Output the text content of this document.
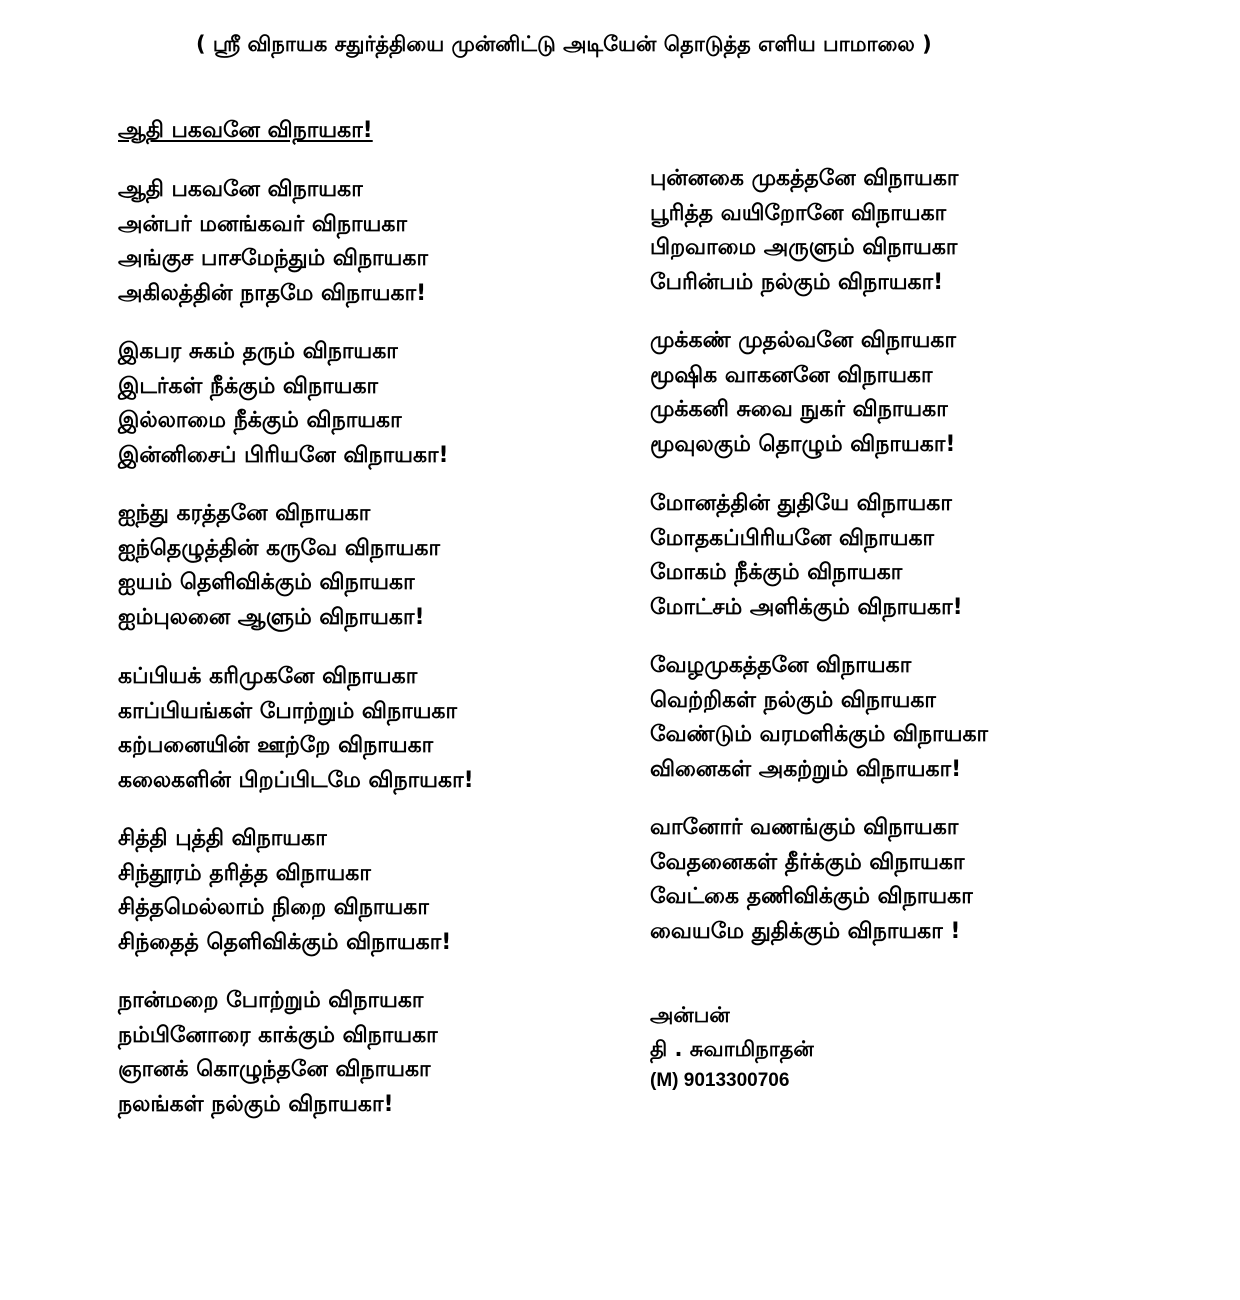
( ஸ்ரீ விநாயக சதுர்த்தியை முன்னிட்டு அடியேன் தொடுத்த எளிய பாமாலை )
ஆதி பகவனே விநாயகா!
ஆதி பகவனே விநாயகா
அன்பர் மனங்கவர் விநாயகா
அங்குச பாசமேந்தும் விநாயகா
அகிலத்தின் நாதமே விநாயகா!
இகபர சுகம் தரும் விநாயகா
இடர்கள் நீக்கும் விநாயகா
இல்லாமை நீக்கும் விநாயகா
இன்னிசைப் பிரியனே விநாயகா!
ஐந்து கரத்தனே விநாயகா
ஐந்தெழுத்தின் கருவே விநாயகா
ஐயம் தெளிவிக்கும் விநாயகா
ஐம்புலனை ஆளும் விநாயகா!
கப்பியக் கரிமுகனே விநாயகா
காப்பியங்கள் போற்றும் விநாயகா
கற்பனையின் ஊற்றே விநாயகா
கலைகளின் பிறப்பிடமே விநாயகா!
சித்தி புத்தி விநாயகா
சிந்தூரம் தரித்த விநாயகா
சித்தமெல்லாம் நிறை விநாயகா
சிந்தைத் தெளிவிக்கும் விநாயகா!
நான்மறை போற்றும் விநாயகா
நம்பினோரை காக்கும் விநாயகா
ஞானக் கொழுந்தனே விநாயகா
நலங்கள் நல்கும் விநாயகா!
புன்னகை முகத்தனே விநாயகா
பூரித்த வயிறோனே விநாயகா
பிறவாமை அருளும் விநாயகா
பேரின்பம் நல்கும் விநாயகா!
முக்கண் முதல்வனே விநாயகா
மூஷிக வாகனனே விநாயகா
முக்கனி சுவை நுகர் விநாயகா
மூவுலகும் தொழும் விநாயகா!
மோனத்தின் துதியே விநாயகா
மோதகப்பிரியனே விநாயகா
மோகம் நீக்கும் விநாயகா
மோட்சம் அளிக்கும் விநாயகா!
வேழமுகத்தனே விநாயகா
வெற்றிகள் நல்கும் விநாயகா
வேண்டும் வரமளிக்கும் விநாயகா
வினைகள் அகற்றும் விநாயகா!
வானோர் வணங்கும் விநாயகா
வேதனைகள் தீர்க்கும் விநாயகா
வேட்கை தணிவிக்கும் விநாயகா
வையமே துதிக்கும் விநாயகா !
அன்பன்
தி . சுவாமிநாதன்
(M) 9013300706
